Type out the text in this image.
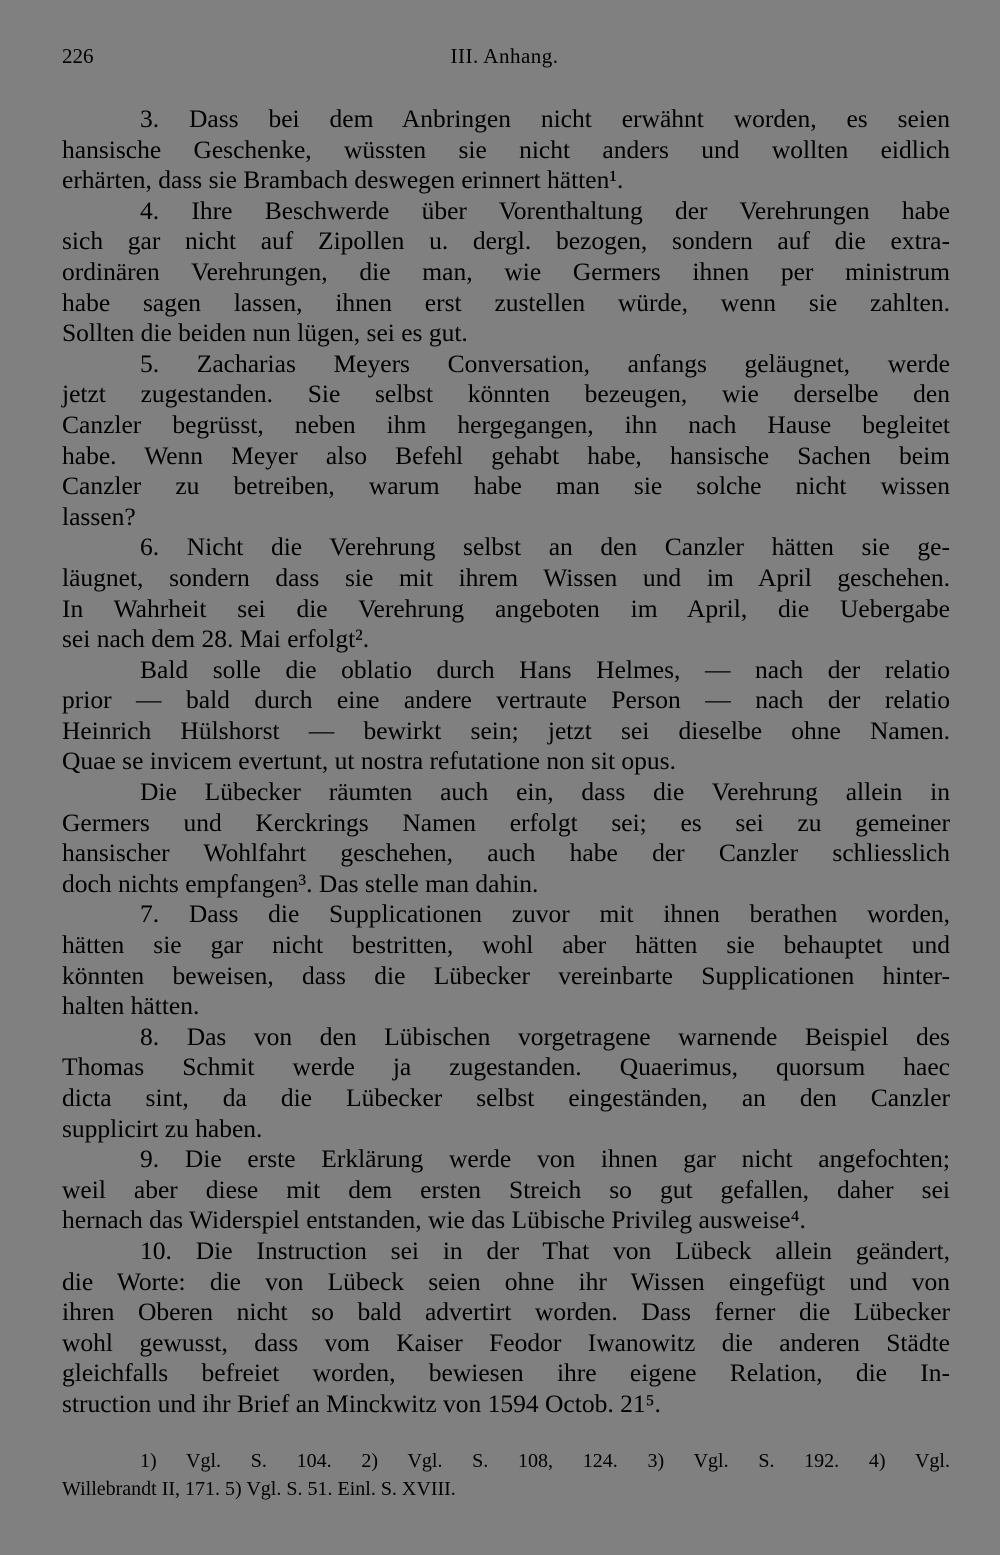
226	III. Anhang.
3. Dass bei dem Anbringen nicht erwähnt worden, es seien
hansische Geschenke, wüssten sie nicht anders und wollten eidlich
erhärten, dass sie Brambach deswegen erinnert hätten¹.
4. Ihre Beschwerde über Vorenthaltung der Verehrungen habe
sich gar nicht auf Zipollen u. dergl. bezogen, sondern auf die extra-
ordinären Verehrungen, die man, wie Germers ihnen per ministrum
habe sagen lassen, ihnen erst zustellen würde, wenn sie zahlten.
Sollten die beiden nun lügen, sei es gut.
5. Zacharias Meyers Conversation, anfangs geläugnet, werde
jetzt zugestanden. Sie selbst könnten bezeugen, wie derselbe den
Canzler begrüsst, neben ihm hergegangen, ihn nach Hause begleitet
habe. Wenn Meyer also Befehl gehabt habe, hansische Sachen beim
Canzler zu betreiben, warum habe man sie solche nicht wissen
lassen?
6. Nicht die Verehrung selbst an den Canzler hätten sie ge-
läugnet, sondern dass sie mit ihrem Wissen und im April geschehen.
In Wahrheit sei die Verehrung angeboten im April, die Uebergabe
sei nach dem 28. Mai erfolgt².
Bald solle die oblatio durch Hans Helmes, — nach der relatio
prior — bald durch eine andere vertraute Person — nach der relatio
Heinrich Hülshorst — bewirkt sein; jetzt sei dieselbe ohne Namen.
Quae se invicem evertunt, ut nostra refutatione non sit opus.
Die Lübecker räumten auch ein, dass die Verehrung allein in
Germers und Kerckrings Namen erfolgt sei; es sei zu gemeiner
hansischer Wohlfahrt geschehen, auch habe der Canzler schliesslich
doch nichts empfangen³. Das stelle man dahin.
7. Dass die Supplicationen zuvor mit ihnen berathen worden,
hätten sie gar nicht bestritten, wohl aber hätten sie behauptet und
könnten beweisen, dass die Lübecker vereinbarte Supplicationen hinter-
halten hätten.
8. Das von den Lübischen vorgetragene warnende Beispiel des
Thomas Schmit werde ja zugestanden. Quaerimus, quorsum haec
dicta sint, da die Lübecker selbst eingeständen, an den Canzler
supplicirt zu haben.
9. Die erste Erklärung werde von ihnen gar nicht angefochten;
weil aber diese mit dem ersten Streich so gut gefallen, daher sei
hernach das Widerspiel entstanden, wie das Lübische Privileg ausweise⁴.
10. Die Instruction sei in der That von Lübeck allein geändert,
die Worte: die von Lübeck seien ohne ihr Wissen eingefügt und von
ihren Oberen nicht so bald advertirt worden. Dass ferner die Lübecker
wohl gewusst, dass vom Kaiser Feodor Iwanowitz die anderen Städte
gleichfalls befreiet worden, bewiesen ihre eigene Relation, die In-
struction und ihr Brief an Minckwitz von 1594 Octob. 21⁵.
1) Vgl. S. 104. 2) Vgl. S. 108, 124. 3) Vgl. S. 192. 4) Vgl.
Willebrandt II, 171. 5) Vgl. S. 51. Einl. S. XVIII.
